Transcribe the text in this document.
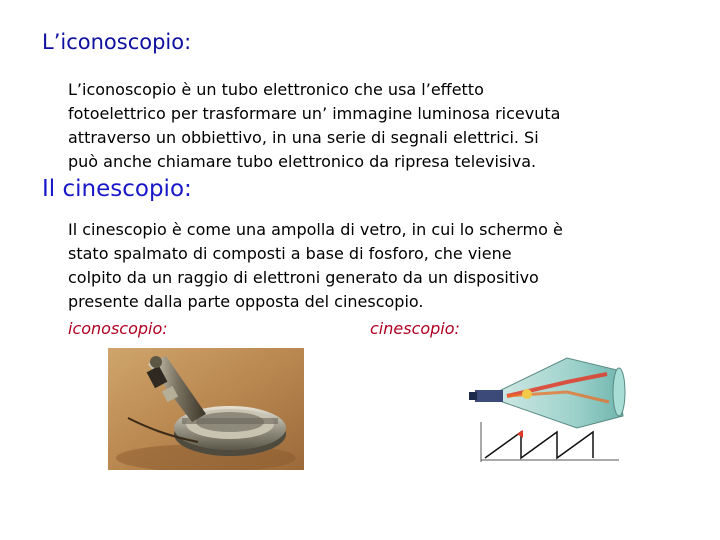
L’iconoscopio:
L’iconoscopio è un tubo elettronico che usa l’effetto
fotoelettrico per trasformare un’ immagine luminosa ricevuta
attraverso un obbiettivo, in una serie di segnali elettrici. Si
può anche chiamare tubo elettronico da ripresa televisiva.
Il cinescopio:
Il cinescopio è come una ampolla di vetro, in cui lo schermo è
stato spalmato di composti a base di fosforo, che viene
colpito da un raggio di elettroni generato da un dispositivo
presente dalla parte opposta del cinescopio.
iconoscopio:	cinescopio:
